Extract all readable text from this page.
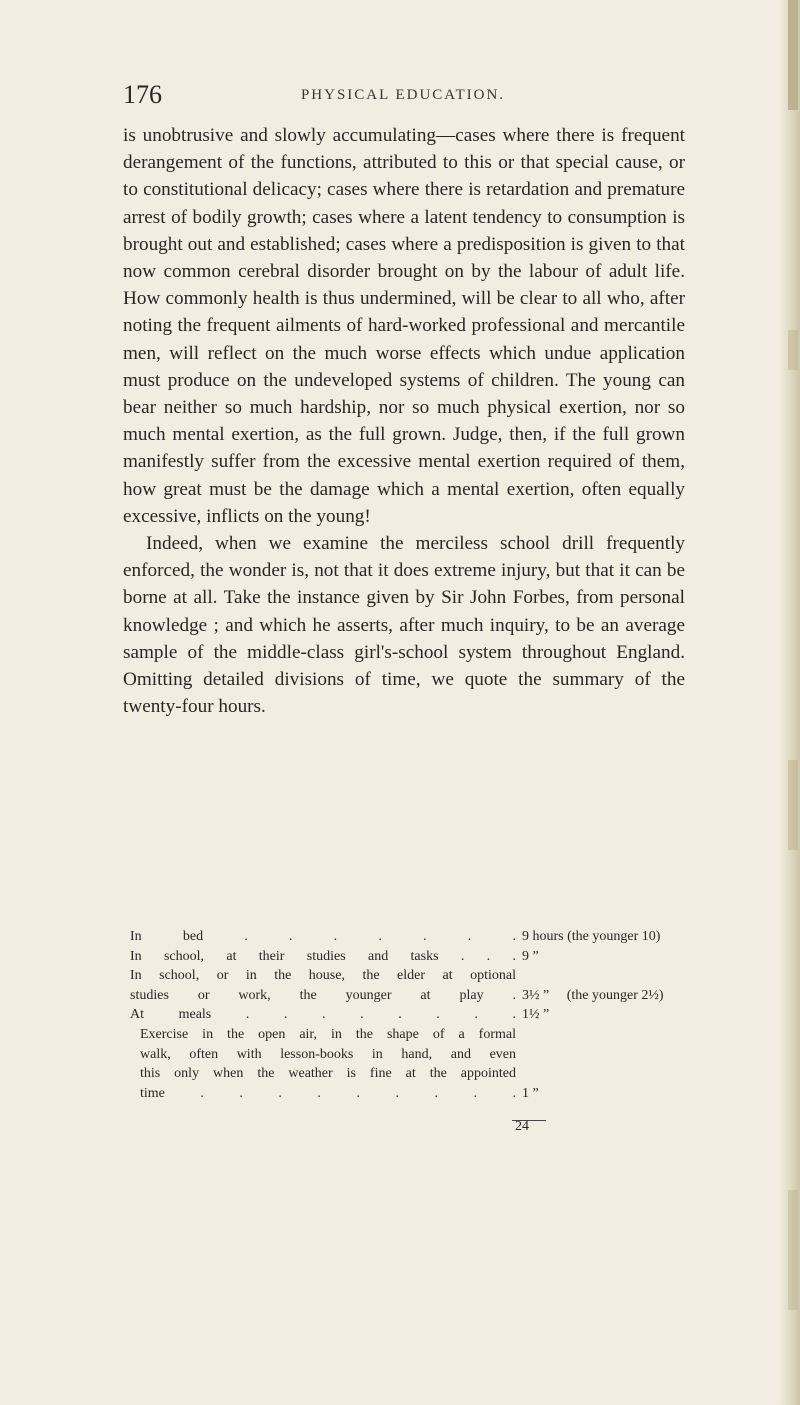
176	PHYSICAL EDUCATION.

is unobtrusive and slowly accumulating—cases where there is frequent derangement of the functions, attributed to this or that special cause, or to constitutional delicacy; cases where there is retardation and premature arrest of bodily growth; cases where a latent tendency to consumption is brought out and established; cases where a predisposition is given to that now common cerebral disorder brought on by the labour of adult life. How commonly health is thus undermined, will be clear to all who, after noting the frequent ailments of hard-worked professional and mercantile men, will reflect on the much worse effects which undue application must produce on the undeveloped systems of children. The young can bear neither so much hardship, nor so much physical exertion, nor so much mental exertion, as the full grown. Judge, then, if the full grown manifestly suffer from the excessive mental exertion required of them, how great must be the damage which a mental exertion, often equally excessive, inflicts on the young!

Indeed, when we examine the merciless school drill frequently enforced, the wonder is, not that it does extreme injury, but that it can be borne at all. Take the instance given by Sir John Forbes, from personal knowledge ; and which he asserts, after much inquiry, to be an average sample of the middle-class girl's-school system throughout England. Omitting detailed divisions of time, we quote the summary of the twenty-four hours.

In bed . . . . . . . 9 hours (the younger 10)
In school, at their studies and tasks . . . 9 ”
In school, or in the house, the elder at optional
studies or work, the younger at play . 3½ ”     (the younger 2½)
At meals . . . . . . . . 1½ ”
Exercise in the open air, in the shape of a formal
walk, often with lesson-books in hand, and even
this only when the weather is fine at the appointed
time . . . . . . . . . 1 ”
24
